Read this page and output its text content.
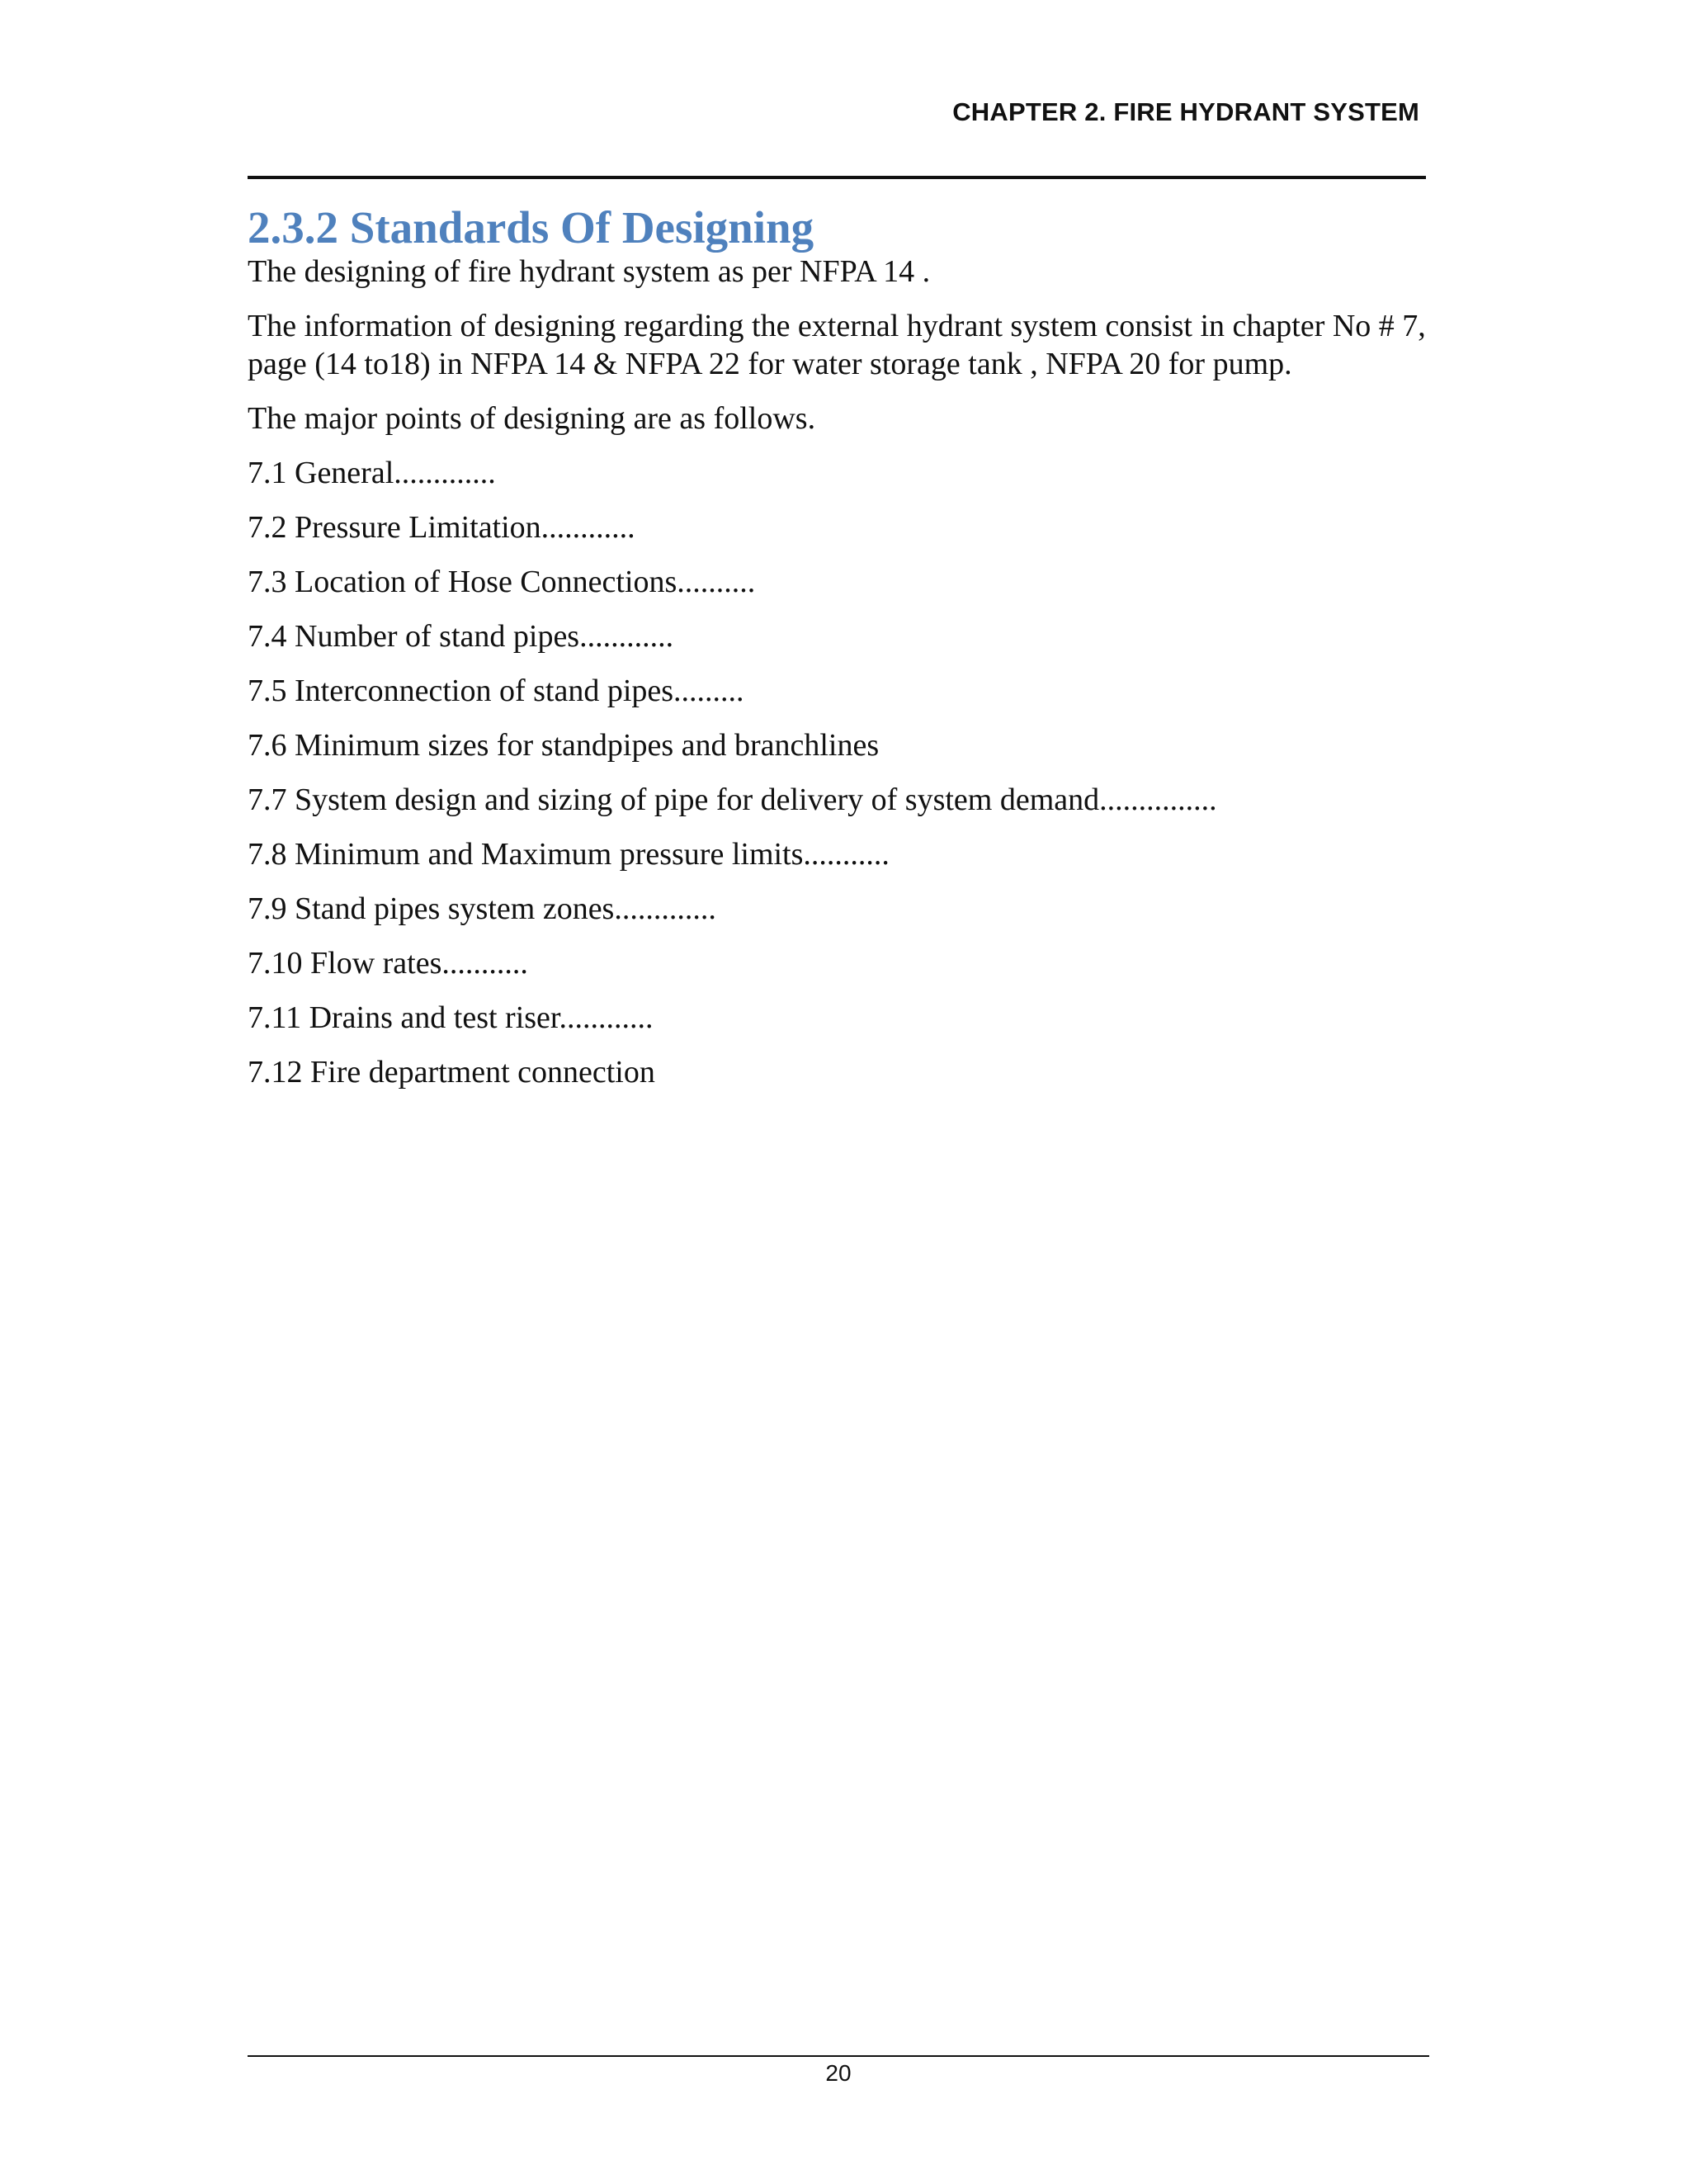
CHAPTER 2. FIRE HYDRANT SYSTEM
2.3.2 Standards Of Designing

The designing of fire hydrant system as per NFPA 14 .

The information of designing regarding the external hydrant system consist in chapter No # 7, page (14 to18) in NFPA 14 & NFPA 22 for water storage tank , NFPA 20 for pump.

The major points of designing are as follows.

7.1 General.............
7.2 Pressure Limitation............
7.3 Location of Hose Connections..........
7.4 Number of stand pipes............
7.5 Interconnection of stand pipes.........
7.6 Minimum sizes for standpipes and branchlines
7.7 System design and sizing of pipe for delivery of system demand...............
7.8 Minimum and Maximum pressure limits...........
7.9 Stand pipes system zones.............
7.10 Flow rates...........
7.11 Drains and test riser............
7.12 Fire department connection
20
